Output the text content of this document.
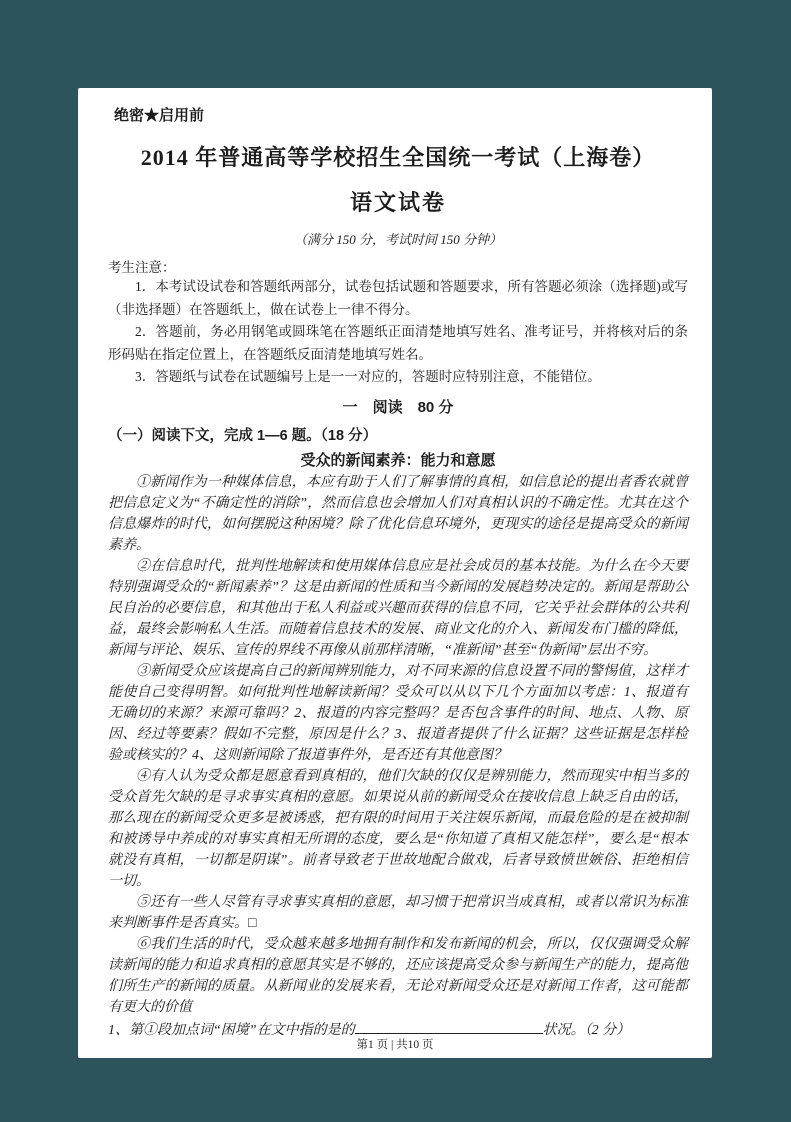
绝密★启用前
2014 年普通高等学校招生全国统一考试（上海卷）
语文试卷
（满分 150 分，考试时间 150 分钟）
考生注意：

1．本考试设试卷和答题纸两部分，试卷包括试题和答题要求，所有答题必须涂（选择题)或写（非选择题）在答题纸上，做在试卷上一律不得分。

2．答题前，务必用钢笔或圆珠笔在答题纸正面清楚地填写姓名、准考证号，并将核对后的条形码贴在指定位置上，在答题纸反面清楚地填写姓名。

3．答题纸与试卷在试题编号上是一一对应的，答题时应特别注意，不能错位。

一　阅读　80 分
（一）阅读下文，完成 1—6 题。（18 分）
受众的新闻素养：能力和意愿

①新闻作为一种媒体信息，本应有助于人们了解事情的真相，如信息论的提出者香农就曾把信息定义为“不确定性的消除”，然而信息也会增加人们对真相认识的不确定性。尤其在这个信息爆炸的时代，如何摆脱这种困境？除了优化信息环境外，更现实的途径是提高受众的新闻素养。

②在信息时代，批判性地解读和使用媒体信息应是社会成员的基本技能。为什么在今天要特别强调受众的“新闻素养”？这是由新闻的性质和当今新闻的发展趋势决定的。新闻是帮助公民自治的必要信息，和其他出于私人利益或兴趣而获得的信息不同，它关乎社会群体的公共利益，最终会影响私人生活。而随着信息技术的发展、商业文化的介入、新闻发布门槛的降低，新闻与评论、娱乐、宣传的界线不再像从前那样清晰，“准新闻”甚至“伪新闻”层出不穷。

③新闻受众应该提高自己的新闻辨别能力，对不同来源的信息设置不同的警惕值，这样才能使自己变得明智。如何批判性地解读新闻？受众可以从以下几个方面加以考虑：1、报道有无确切的来源？来源可靠吗？2、报道的内容完整吗？是否包含事件的时间、地点、人物、原因、经过等要素？假如不完整，原因是什么？3、报道者提供了什么证据？这些证据是怎样检验或核实的？4、这则新闻除了报道事件外，是否还有其他意图？

④有人认为受众都是愿意看到真相的，他们欠缺的仅仅是辨别能力，然而现实中相当多的受众首先欠缺的是寻求事实真相的意愿。如果说从前的新闻受众在接收信息上缺乏自由的话，那么现在的新闻受众更多是被诱惑，把有限的时间用于关注娱乐新闻，而最危险的是在被抑制和被诱导中养成的对事实真相无所谓的态度，要么是“你知道了真相又能怎样”，要么是“根本就没有真相，一切都是阴谋”。前者导致老于世故地配合做戏，后者导致愤世嫉俗、拒绝相信一切。

⑤还有一些人尽管有寻求事实真相的意愿，却习惯于把常识当成真相，或者以常识为标准来判断事件是否真实。□

⑥我们生活的时代，受众越来越多地拥有制作和发布新闻的机会，所以，仅仅强调受众解读新闻的能力和追求真相的意愿其实是不够的，还应该提高受众参与新闻生产的能力，提高他们所生产的新闻的质量。从新闻业的发展来看，无论对新闻受众还是对新闻工作者，这可能都有更大的价值

1、第①段加点词“困境”在文中指的是的	状况。（2 分）
第1 页 | 共10 页
